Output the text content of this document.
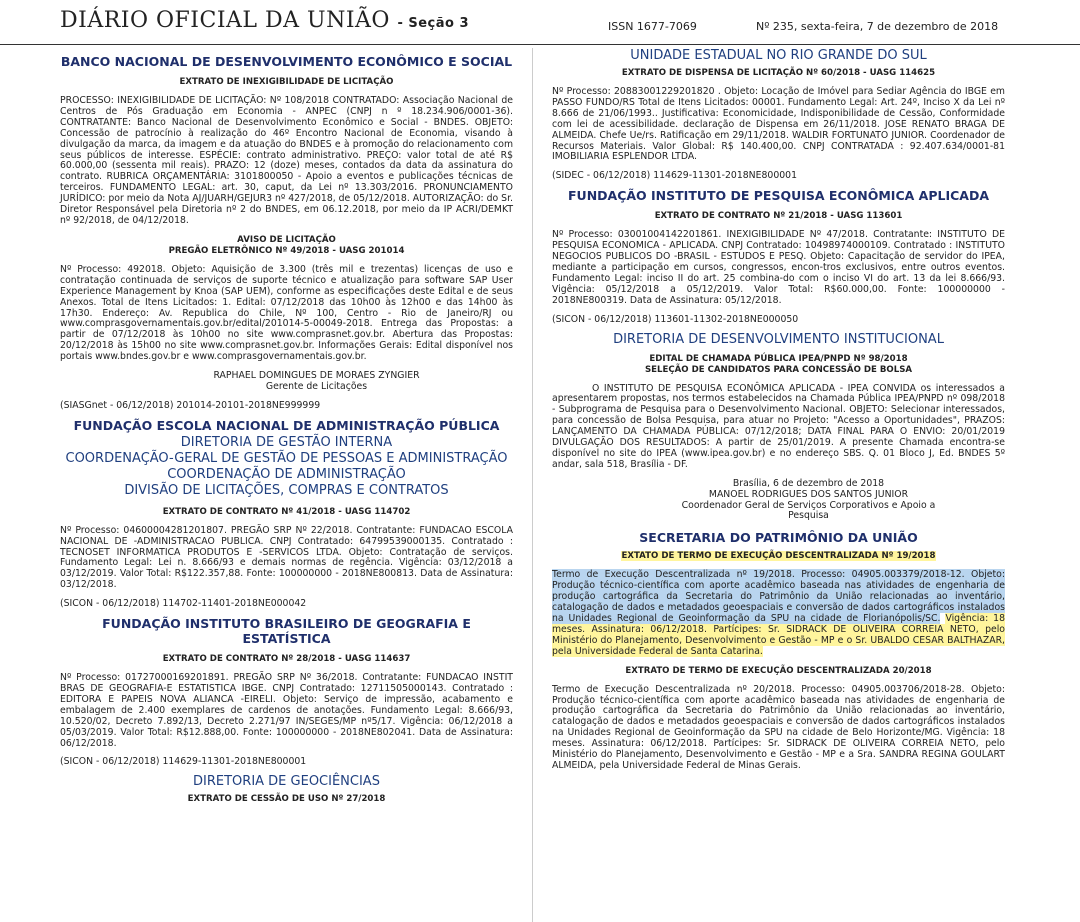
DIÁRIO OFICIAL DA UNIÃO - Seção 3	ISSN 1677-7069	Nº 235, sexta-feira, 7 de dezembro de 2018
BANCO NACIONAL DE DESENVOLVIMENTO ECONÔMICO E SOCIAL
EXTRATO DE INEXIGIBILIDADE DE LICITAÇÃO

PROCESSO: INEXIGIBILIDADE DE LICITAÇÃO: Nº 108/2018 CONTRATADO: Associação Nacional de Centros de Pós Graduação em Economia - ANPEC (CNPJ n º 18.234.906/0001-36). CONTRATANTE: Banco Nacional de Desenvolvimento Econômico e Social - BNDES. OBJETO: Concessão de patrocínio à realização do 46º Encontro Nacional de Economia, visando à divulgação da marca, da imagem e da atuação do BNDES e à promoção do relacionamento com seus públicos de interesse. ESPÉCIE: contrato administrativo. PREÇO: valor total de até R$ 60.000,00 (sessenta mil reais). PRAZO: 12 (doze) meses, contados da data da assinatura do contrato. RUBRICA ORÇAMENTÁRIA: 3101800050 - Apoio a eventos e publicações técnicas de terceiros. FUNDAMENTO LEGAL: art. 30, caput, da Lei nº 13.303/2016. PRONUNCIAMENTO JURÍDICO: por meio da Nota AJ/JUARH/GEJUR3 nº 427/2018, de 05/12/2018. AUTORIZAÇÃO: do Sr. Diretor Responsável pela Diretoria nº 2 do BNDES, em 06.12.2018, por meio da IP ACRI/DEMKT nº 92/2018, de 04/12/2018.

AVISO DE LICITAÇÃO
PREGÃO ELETRÔNICO Nº 49/2018 - UASG 201014

Nº Processo: 492018. Objeto: Aquisição de 3.300 (três mil e trezentas) licenças de uso e contratação continuada de serviços de suporte técnico e atualização para software SAP User Experience Management by Knoa (SAP UEM), conforme as especificações deste Edital e de seus Anexos. Total de Itens Licitados: 1. Edital: 07/12/2018 das 10h00 às 12h00 e das 14h00 às 17h30. Endereço: Av. Republica do Chile, Nº 100, Centro - Rio de Janeiro/RJ ou www.comprasgovernamentais.gov.br/edital/201014-5-00049-2018. Entrega das Propostas: a partir de 07/12/2018 às 10h00 no site www.comprasnet.gov.br. Abertura das Propostas: 20/12/2018 às 15h00 no site www.comprasnet.gov.br. Informações Gerais: Edital disponível nos portais www.bndes.gov.br e www.comprasgovernamentais.gov.br.

RAPHAEL DOMINGUES DE MORAES ZYNGIER
Gerente de Licitações
(SIASGnet - 06/12/2018) 201014-20101-2018NE999999
FUNDAÇÃO ESCOLA NACIONAL DE ADMINISTRAÇÃO PÚBLICA
DIRETORIA DE GESTÃO INTERNA
COORDENAÇÃO-GERAL DE GESTÃO DE PESSOAS E ADMINISTRAÇÃO
COORDENAÇÃO DE ADMINISTRAÇÃO
DIVISÃO DE LICITAÇÕES, COMPRAS E CONTRATOS
EXTRATO DE CONTRATO Nº 41/2018 - UASG 114702

Nº Processo: 04600004281201807. PREGÃO SRP Nº 22/2018. Contratante: FUNDACAO ESCOLA NACIONAL DE -ADMINISTRACAO PUBLICA. CNPJ Contratado: 64799539000135. Contratado : TECNOSET INFORMATICA PRODUTOS E -SERVICOS LTDA. Objeto: Contratação de serviços. Fundamento Legal: Lei n. 8.666/93 e demais normas de regência. Vigência: 03/12/2018 a 03/12/2019. Valor Total: R$122.357,88. Fonte: 100000000 - 2018NE800813. Data de Assinatura: 03/12/2018.

(SICON - 06/12/2018) 114702-11401-2018NE000042
FUNDAÇÃO INSTITUTO BRASILEIRO DE GEOGRAFIA E ESTATÍSTICA
EXTRATO DE CONTRATO Nº 28/2018 - UASG 114637

Nº Processo: 01727000169201891. PREGÃO SRP Nº 36/2018. Contratante: FUNDACAO INSTIT BRAS DE GEOGRAFIA-E ESTATISTICA IBGE. CNPJ Contratado: 12711505000143. Contratado : EDITORA E PAPEIS NOVA ALIANCA -EIRELI. Objeto: Serviço de impressão, acabamento e embalagem de 2.400 exemplares de cardenos de anotações. Fundamento Legal: 8.666/93, 10.520/02, Decreto 7.892/13, Decreto 2.271/97 IN/SEGES/MP nº5/17. Vigência: 06/12/2018 a 05/03/2019. Valor Total: R$12.888,00. Fonte: 100000000 - 2018NE802041. Data de Assinatura: 06/12/2018.

(SICON - 06/12/2018) 114629-11301-2018NE800001
DIRETORIA DE GEOCIÊNCIAS
EXTRATO DE CESSÃO DE USO Nº 27/2018
UNIDADE ESTADUAL NO RIO GRANDE DO SUL
EXTRATO DE DISPENSA DE LICITAÇÃO Nº 60/2018 - UASG 114625

Nº Processo: 20883001229201820 . Objeto: Locação de Imóvel para Sediar Agência do IBGE em PASSO FUNDO/RS Total de Itens Licitados: 00001. Fundamento Legal: Art. 24º, Inciso X da Lei nº 8.666 de 21/06/1993.. Justificativa: Economicidade, Indisponibilidade de Cessão, Conformidade com lei de acessibilidade. declaração de Dispensa em 26/11/2018. JOSE RENATO BRAGA DE ALMEIDA. Chefe Ue/rs. Ratificação em 29/11/2018. WALDIR FORTUNATO JUNIOR. Coordenador de Recursos Materiais. Valor Global: R$ 140.400,00. CNPJ CONTRATADA : 92.407.634/0001-81 IMOBILIARIA ESPLENDOR LTDA.

(SIDEC - 06/12/2018) 114629-11301-2018NE800001
FUNDAÇÃO INSTITUTO DE PESQUISA ECONÔMICA APLICADA
EXTRATO DE CONTRATO Nº 21/2018 - UASG 113601

Nº Processo: 03001004142201861. INEXIGIBILIDADE Nº 47/2018. Contratante: INSTITUTO DE PESQUISA ECONOMICA - APLICADA. CNPJ Contratado: 10498974000109. Contratado : INSTITUTO NEGOCIOS PUBLICOS DO -BRASIL - ESTUDOS E PESQ. Objeto: Capacitação de servidor do IPEA, mediante a participação em cursos, congressos, encon-tros exclusivos, entre outros eventos. Fundamento Legal: inciso II do art. 25 combina-do com o inciso VI do art. 13 da lei 8.666/93. Vigência: 05/12/2018 a 05/12/2019. Valor Total: R$60.000,00. Fonte: 100000000 - 2018NE800319. Data de Assinatura: 05/12/2018.

(SICON - 06/12/2018) 113601-11302-2018NE000050
DIRETORIA DE DESENVOLVIMENTO INSTITUCIONAL
EDITAL DE CHAMADA PÚBLICA IPEA/PNPD Nº 98/2018
SELEÇÃO DE CANDIDATOS PARA CONCESSÃO DE BOLSA

O INSTITUTO DE PESQUISA ECONÔMICA APLICADA - IPEA CONVIDA os interessados a apresentarem propostas, nos termos estabelecidos na Chamada Pública IPEA/PNPD nº 098/2018 - Subprograma de Pesquisa para o Desenvolvimento Nacional. OBJETO: Selecionar interessados, para concessão de Bolsa Pesquisa, para atuar no Projeto: "Acesso a Oportunidades", PRAZOS: LANÇAMENTO DA CHAMADA PÚBLICA: 07/12/2018; DATA FINAL PARA O ENVIO: 20/01/2019 DIVULGAÇÃO DOS RESULTADOS: A partir de 25/01/2019. A presente Chamada encontra-se disponível no site do IPEA (www.ipea.gov.br) e no endereço SBS. Q. 01 Bloco J, Ed. BNDES 5º andar, sala 518, Brasília - DF.

Brasília, 6 de dezembro de 2018
MANOEL RODRIGUES DOS SANTOS JUNIOR
Coordenador Geral de Serviços Corporativos e Apoio a
Pesquisa
SECRETARIA DO PATRIMÔNIO DA UNIÃO
EXTATO DE TERMO DE EXECUÇÃO DESCENTRALIZADA Nº 19/2018

Termo de Execução Descentralizada nº 19/2018. Processo: 04905.003379/2018-12. Objeto: Produção técnico-científica com aporte acadêmico baseada nas atividades de engenharia de produção cartográfica da Secretaria do Patrimônio da União relacionadas ao inventário, catalogação de dados e metadados geoespaciais e conversão de dados cartográficos instalados na Unidades Regional de Geoinformação da SPU na cidade de Florianópolis/SC. Vigência: 18 meses. Assinatura: 06/12/2018. Partícipes: Sr. SIDRACK DE OLIVEIRA CORREIA NETO, pelo Ministério do Planejamento, Desenvolvimento e Gestão - MP e o Sr. UBALDO CESAR BALTHAZAR, pela Universidade Federal de Santa Catarina.

EXTRATO DE TERMO DE EXECUÇÃO DESCENTRALIZADA 20/2018

Termo de Execução Descentralizada nº 20/2018. Processo: 04905.003706/2018-28. Objeto: Produção técnico-científica com aporte acadêmico baseada nas atividades de engenharia de produção cartográfica da Secretaria do Patrimônio da União relacionadas ao inventário, catalogação de dados e metadados geoespaciais e conversão de dados cartográficos instalados na Unidades Regional de Geoinformação da SPU na cidade de Belo Horizonte/MG. Vigência: 18 meses. Assinatura: 06/12/2018. Partícipes: Sr. SIDRACK DE OLIVEIRA CORREIA NETO, pelo Ministério do Planejamento, Desenvolvimento e Gestão - MP e a Sra. SANDRA REGINA GOULART ALMEIDA, pela Universidade Federal de Minas Gerais.
